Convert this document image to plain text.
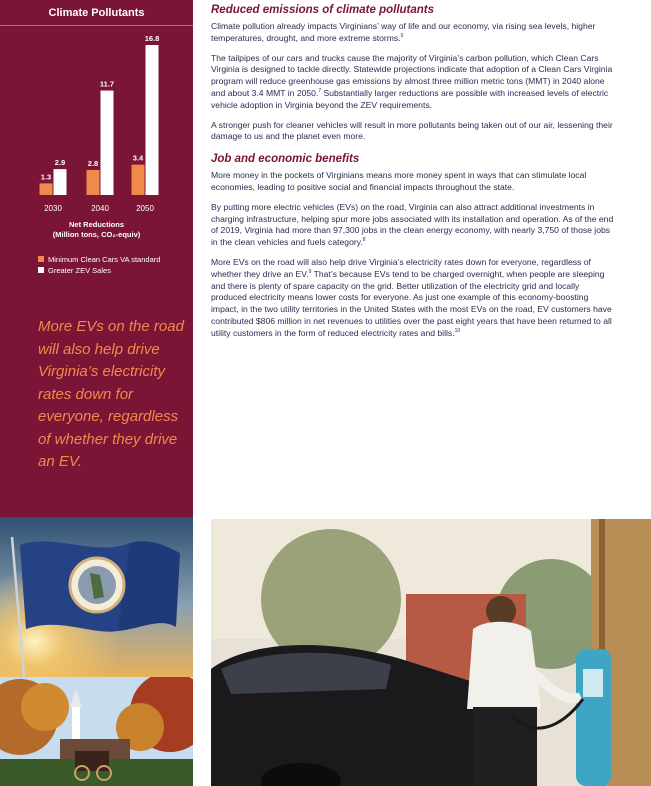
Climate Pollutants
1.3
2.9	2.8
11.7
3.4
16.8
2030	2040	2050
Net Reductions
(Million tons, CO₂-equiv)
Minimum Clean Cars VA standard
Greater ZEV Sales
More EVs on the road will also help drive Virginia’s electricity rates down for everyone, regardless of whether they drive an EV.
Reduced emissions of climate pollutants

Climate pollution already impacts Virginians’ way of life and our economy, via rising sea levels, higher temperatures, drought, and more extreme storms.$^6$

The tailpipes of our cars and trucks cause the majority of Virginia’s carbon pollution, which Clean Cars Virginia is designed to tackle directly. Statewide projections indicate that adoption of a Clean Cars Virginia program will reduce greenhouse gas emissions by almost three million metric tons (MMT) in 2040 alone and about 3.4 MMT in 2050.$^7$ Substantially larger reductions are possible with increased levels of electric vehicle adoption in Virginia beyond the ZEV requirements.

A stronger push for cleaner vehicles will result in more pollutants being taken out of our air, lessening their damage to us and the planet even more.

Job and economic benefits

More money in the pockets of Virginians means more money spent in ways that can stimulate local economies, leading to positive social and financial impacts throughout the state.

By putting more electric vehicles (EVs) on the road, Virginia can also attract additional investments in charging infrastructure, helping spur more jobs associated with its installation and operation. As of the end of 2019, Virginia had more than 97,300 jobs in the clean energy economy, with nearly 3,750 of those jobs in the clean vehicles and fuels category.$^8$

More EVs on the road will also help drive Virginia’s electricity rates down for everyone, regardless of whether they drive an EV.$^9$ That’s because EVs tend to be charged overnight, when people are sleeping and there is plenty of spare capacity on the grid. Better utilization of the electricity grid and locally produced electricity means lower costs for everyone. As just one example of this economy-boosting impact, in the two utility territories in the United States with the most EVs on the road, EV customers have contributed $806 million in net revenues to utilities over the past eight years that have been returned to all utility customers in the form of reduced electricity rates and bills.$^{10}$
